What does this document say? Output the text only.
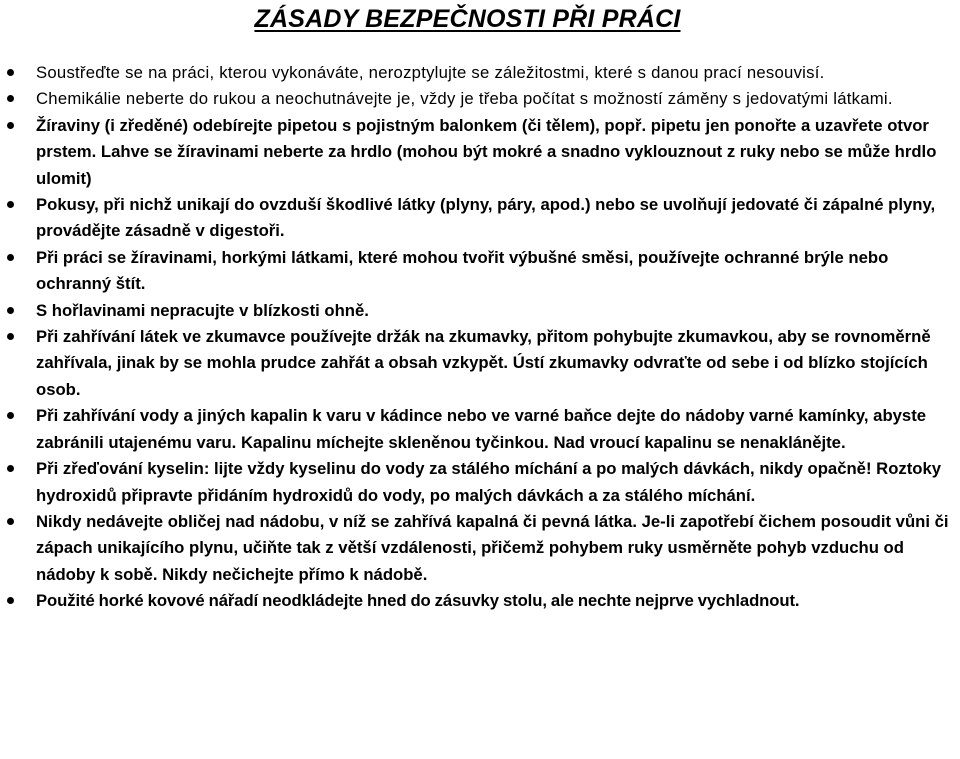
ZÁSADY BEZPEČNOSTI PŘI PRÁCI
Soustřeďte se na práci, kterou vykonáváte, nerozptylujte se záležitostmi, které s danou prací nesouvisí.
Chemikálie neberte do rukou a neochutnávejte je, vždy je třeba počítat s možností záměny s jedovatými látkami.
Žíraviny (i zředěné) odebírejte pipetou s pojistným balonkem (či tělem), popř. pipetu jen ponořte a uzavřete otvor prstem. Lahve se žíravinami neberte za hrdlo (mohou být mokré a snadno vyklouznout z ruky nebo se může hrdlo ulomit)
Pokusy, při nichž unikají do ovzduší škodlivé látky (plyny, páry, apod.) nebo se uvolňují jedovaté či zápalné plyny, provádějte zásadně v digestoři.
Při práci se žíravinami, horkými látkami, které mohou tvořit výbušné směsi, používejte ochranné brýle nebo ochranný štít.
S hořlavinami nepracujte v blízkosti ohně.
Při zahřívání látek ve zkumavce používejte držák na zkumavky, přitom pohybujte zkumavkou, aby se rovnoměrně zahřívala, jinak by se mohla prudce zahřát a obsah vzkypět. Ústí zkumavky odvraťte od sebe i od blízko stojících osob.
Při zahřívání vody a jiných kapalin k varu v kádince nebo ve varné baňce dejte do nádoby varné kamínky, abyste zabránili utajenému varu. Kapalinu míchejte skleněnou tyčinkou. Nad vroucí kapalinu se nenaklánějte.
Při zřeďování kyselin: lijte vždy kyselinu do vody za stálého míchání a po malých dávkách, nikdy opačně! Roztoky hydroxidů připravte přidáním hydroxidů do vody, po malých dávkách a za stálého míchání.
Nikdy nedávejte obličej nad nádobu, v níž se zahřívá kapalná či pevná látka. Je-li zapotřebí čichem posoudit vůni či zápach unikajícího plynu, učiňte tak z větší vzdálenosti, přičemž pohybem ruky usměrněte pohyb vzduchu od nádoby k sobě. Nikdy nečichejte přímo k nádobě.
Použité horké kovové nářadí neodkládejte hned do zásuvky stolu, ale nechte nejprve vychladnout.
